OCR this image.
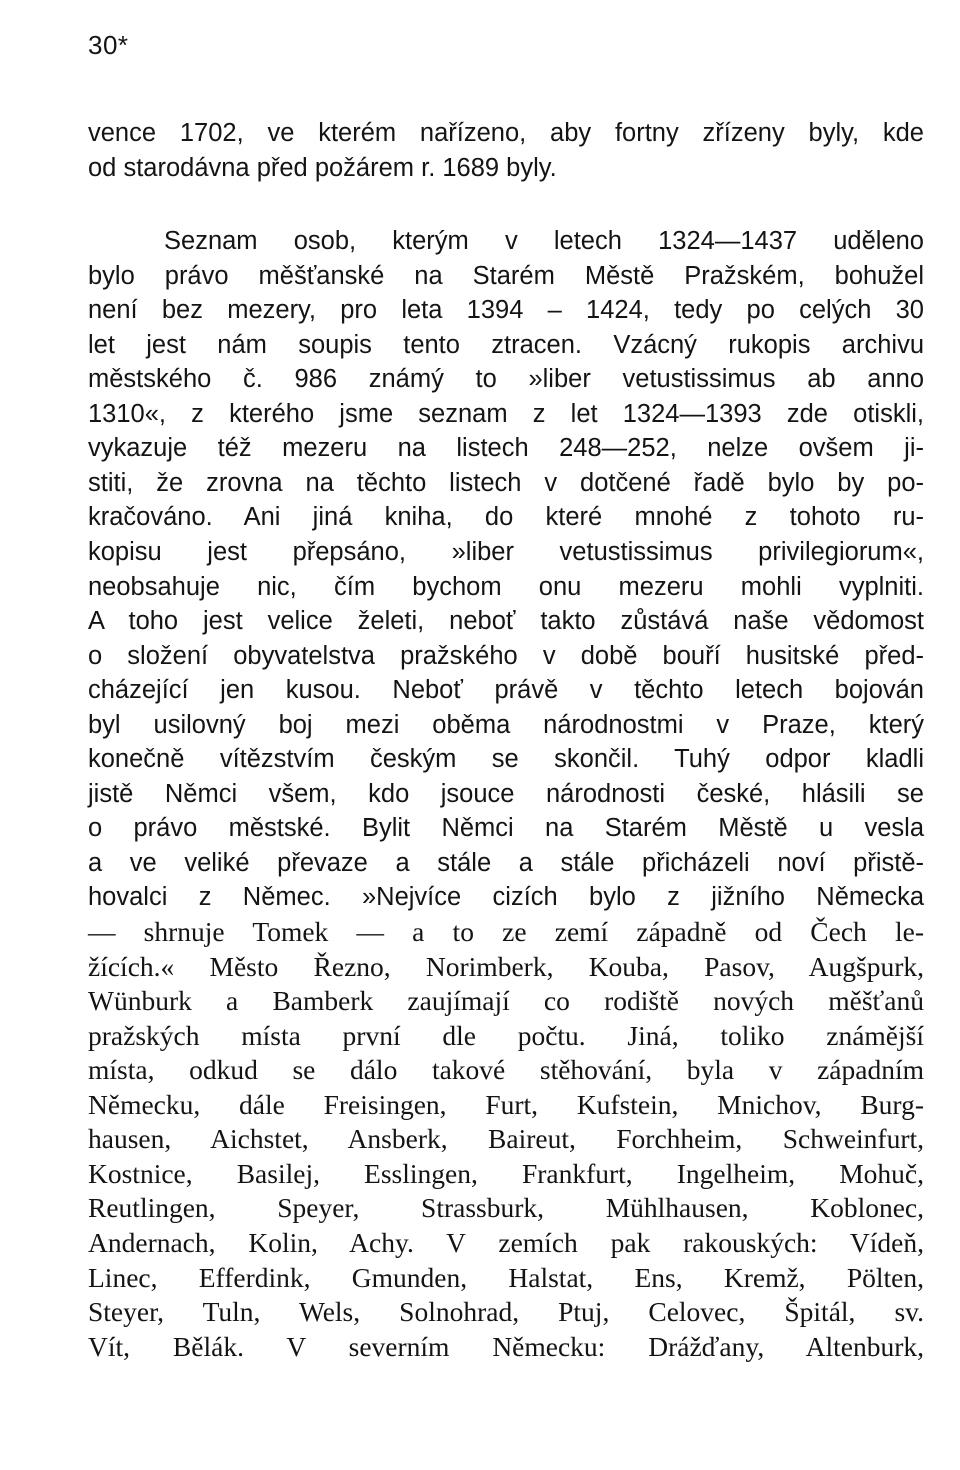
30*
vence 1702, ve kterém nařízeno, aby fortny zřízeny byly, kde
od starodávna před požárem r. 1689 byly.
Seznam osob, kterým v letech 1324—1437 uděleno
bylo právo měšťanské na Starém Městě Pražském, bohužel
není bez mezery, pro leta 1394 – 1424, tedy po celých 30
let jest nám soupis tento ztracen. Vzácný rukopis archivu
městského č. 986 známý to »liber vetustissimus ab anno
1310«, z kterého jsme seznam z let 1324—1393 zde otiskli,
vykazuje též mezeru na listech 248—252, nelze ovšem ji-
stiti, že zrovna na těchto listech v dotčené řadě bylo by po-
kračováno. Ani jiná kniha, do které mnohé z tohoto ru-
kopisu jest přepsáno, »liber vetustissimus privilegiorum«,
neobsahuje nic, čím bychom onu mezeru mohli vyplniti.
A toho jest velice želeti, neboť takto zůstává naše vědomost
o složení obyvatelstva pražského v době bouří husitské před-
cházející jen kusou. Neboť právě v těchto letech bojován
byl usilovný boj mezi oběma národnostmi v Praze, který
konečně vítězstvím českým se skončil. Tuhý odpor kladli
jistě Němci všem, kdo jsouce národnosti české, hlásili se
o právo městské. Bylit Němci na Starém Městě u vesla
a ve veliké převaze a stále a stále přicházeli noví přistě-
hovalci z Němec. »Nejvíce cizích bylo z jižního Německa
— shrnuje Tomek — a to ze zemí západně od Čech le-
žících.« Město Řezno, Norimberk, Kouba, Pasov, Augšpurk,
Wünburk a Bamberk zaujímají co rodiště nových měšťanů
pražských místa první dle počtu. Jiná, toliko známější
místa, odkud se dálo takové stěhování, byla v západním
Německu, dále Freisingen, Furt, Kufstein, Mnichov, Burg-
hausen, Aichstet, Ansberk, Baireut, Forchheim, Schweinfurt,
Kostnice, Basilej, Esslingen, Frankfurt, Ingelheim, Mohuč,
Reutlingen, Speyer, Strassburk, Mühlhausen, Koblonec,
Andernach, Kolin, Achy. V zemích pak rakouských: Vídeň,
Linec, Efferdink, Gmunden, Halstat, Ens, Kremž, Pölten,
Steyer, Tuln, Wels, Solnohrad, Ptuj, Celovec, Špitál, sv.
Vít, Bělák. V severním Německu: Drážďany, Altenburk,
